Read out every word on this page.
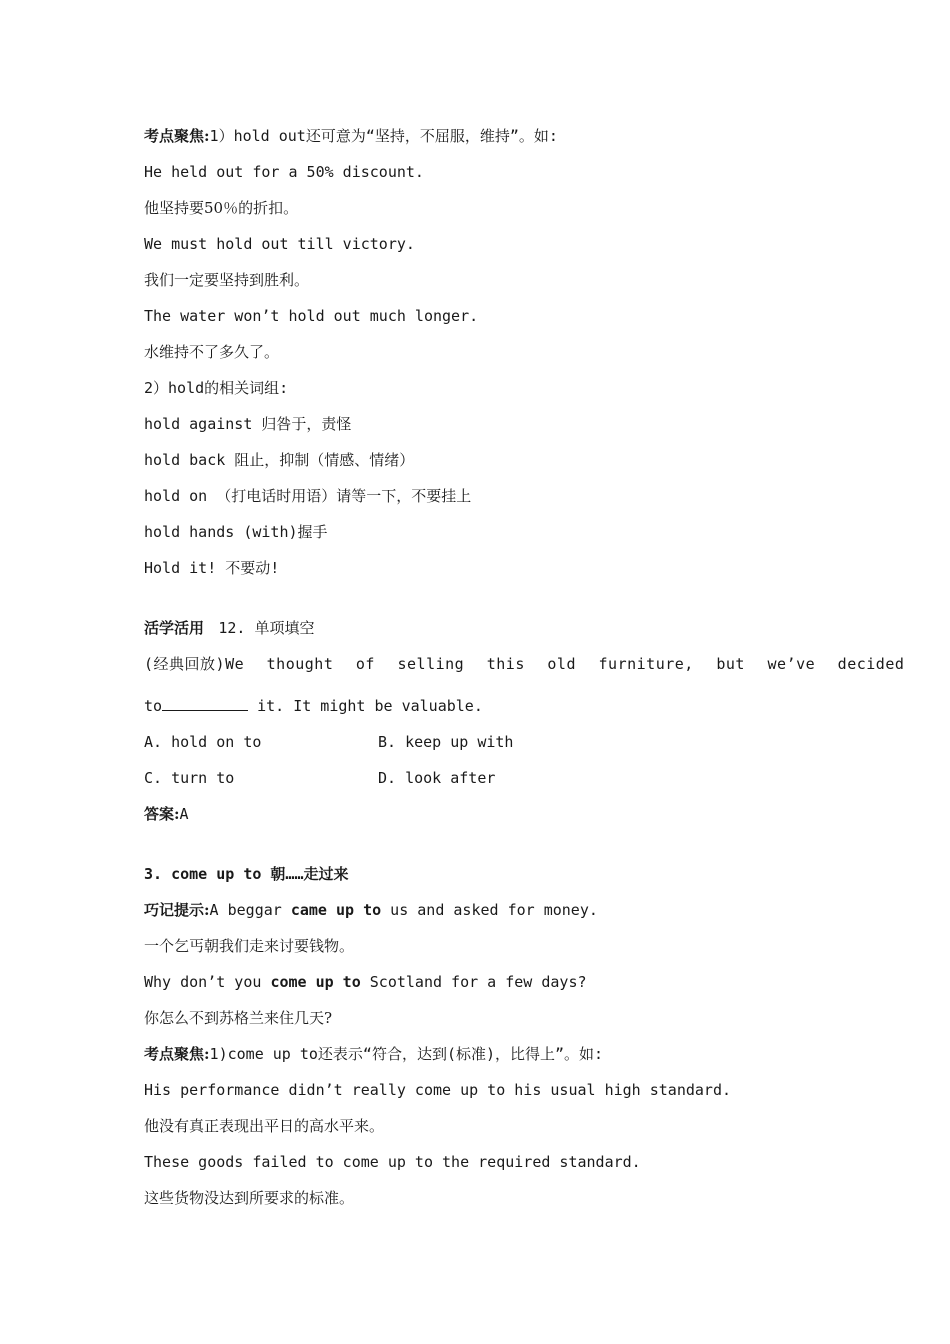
考点聚焦:1）hold out还可意为“坚持，不屈服，维持”。如:
He held out for a 50% discount.
他坚持要50％的折扣。
We must hold out till victory.
我们一定要坚持到胜利。
The water won’t hold out much longer.
水维持不了多久了。
2）hold的相关词组:
hold against 归咎于，责怪
hold back 阻止，抑制（情感、情绪）
hold on （打电话时用语）请等一下，不要挂上
hold hands (with)握手
Hold it! 不要动!
活学活用 12. 单项填空
(经典回放)We thought of selling this old furniture, but we’ve decided
to	it. It might be valuable.
A. hold on to	B. keep up with
C. turn to	D. look after
答案:A
3. come up to 朝……走过来
巧记提示:A beggar came up to us and asked for money.
一个乞丐朝我们走来讨要钱物。
Why don’t you come up to Scotland for a few days?
你怎么不到苏格兰来住几天?
考点聚焦:1)come up to还表示“符合，达到(标准)，比得上”。如:
His performance didn’t really come up to his usual high standard.
他没有真正表现出平日的高水平来。
These goods failed to come up to the required standard.
这些货物没达到所要求的标准。
